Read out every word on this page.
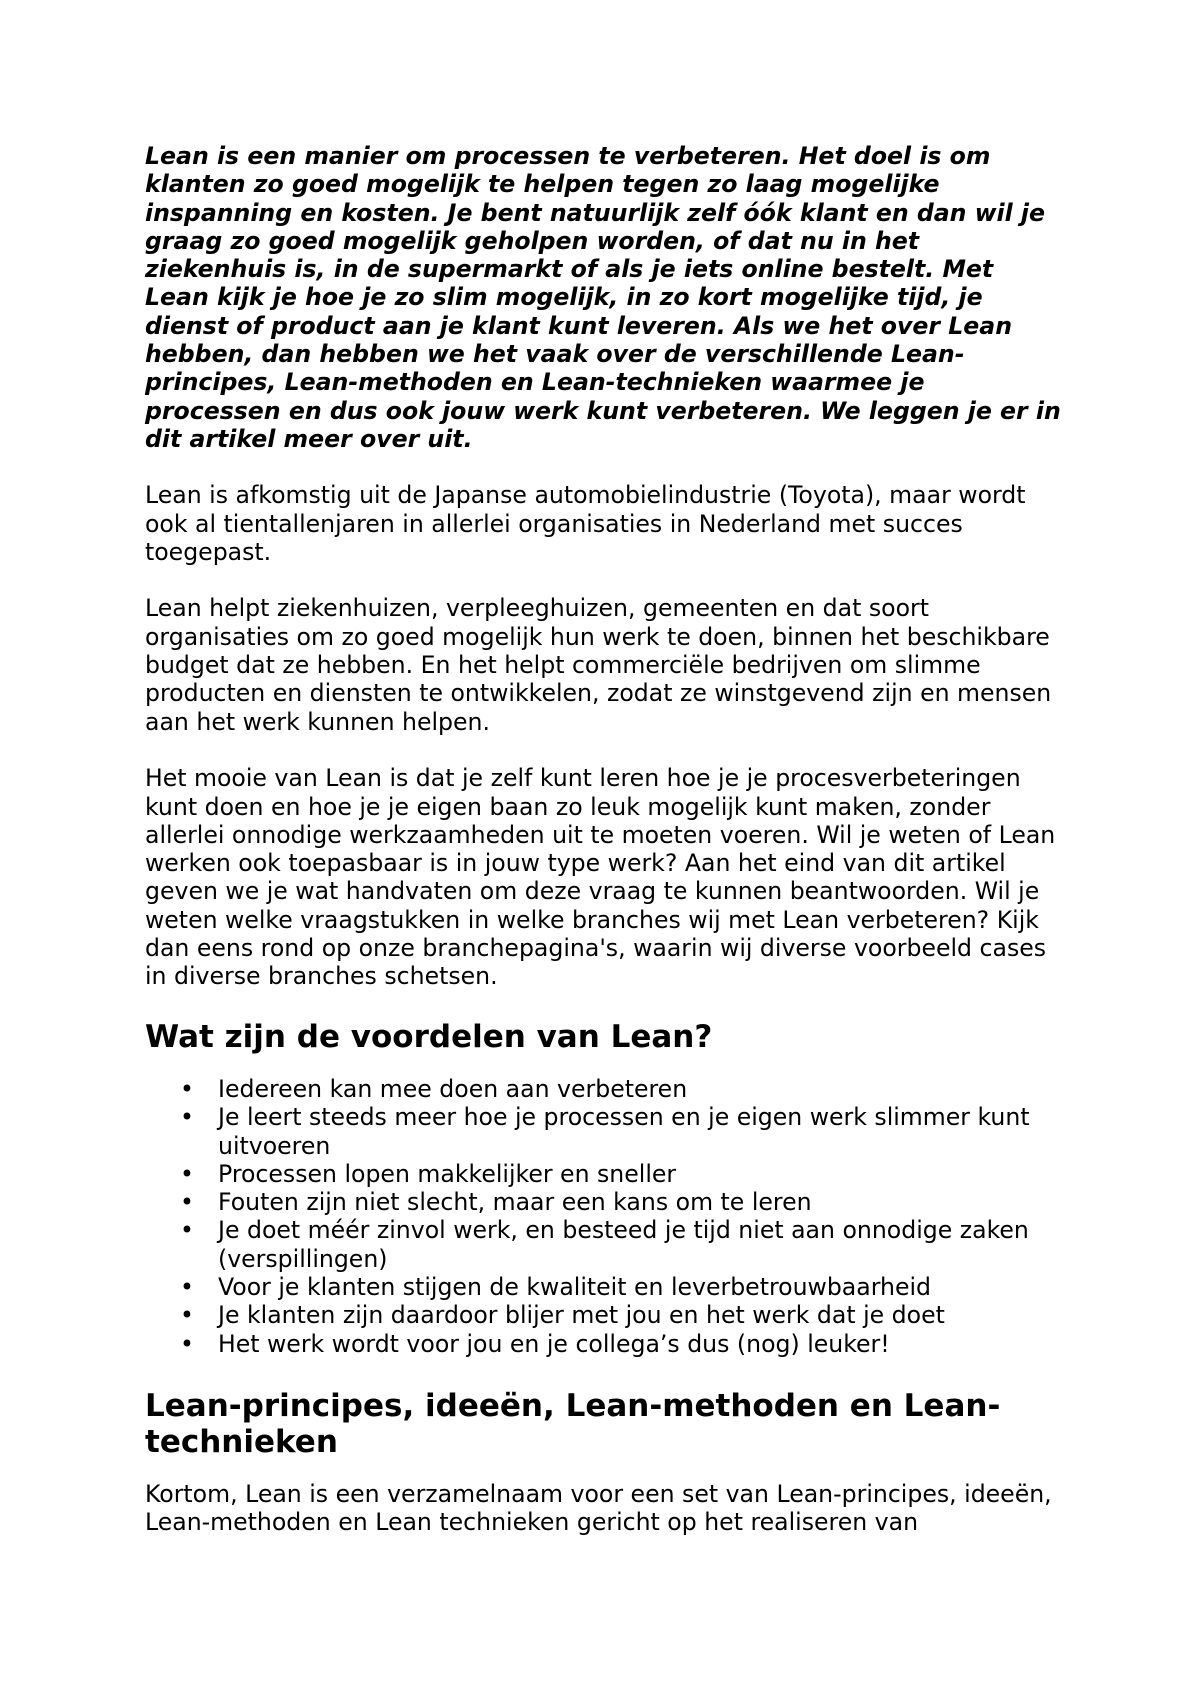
Lean is een manier om processen te verbeteren. Het doel is om klanten zo goed mogelijk te helpen tegen zo laag mogelijke inspanning en kosten. Je bent natuurlijk zelf óók klant en dan wil je graag zo goed mogelijk geholpen worden, of dat nu in het ziekenhuis is, in de supermarkt of als je iets online bestelt. Met Lean kijk je hoe je zo slim mogelijk, in zo kort mogelijke tijd, je dienst of product aan je klant kunt leveren. Als we het over Lean hebben, dan hebben we het vaak over de verschillende Lean-principes, Lean-methoden en Lean-technieken waarmee je processen en dus ook jouw werk kunt verbeteren. We leggen je er in dit artikel meer over uit.

Lean is afkomstig uit de Japanse automobielindustrie (Toyota), maar wordt ook al tientallenjaren in allerlei organisaties in Nederland met succes toegepast.

Lean helpt ziekenhuizen, verpleeghuizen, gemeenten en dat soort organisaties om zo goed mogelijk hun werk te doen, binnen het beschikbare budget dat ze hebben. En het helpt commerciële bedrijven om slimme producten en diensten te ontwikkelen, zodat ze winstgevend zijn en mensen aan het werk kunnen helpen.

Het mooie van Lean is dat je zelf kunt leren hoe je je procesverbeteringen kunt doen en hoe je je eigen baan zo leuk mogelijk kunt maken, zonder allerlei onnodige werkzaamheden uit te moeten voeren. Wil je weten of Lean werken ook toepasbaar is in jouw type werk? Aan het eind van dit artikel geven we je wat handvaten om deze vraag te kunnen beantwoorden. Wil je weten welke vraagstukken in welke branches wij met Lean verbeteren? Kijk dan eens rond op onze branchepagina's, waarin wij diverse voorbeeld cases in diverse branches schetsen.

Wat zijn de voordelen van Lean?
• Iedereen kan mee doen aan verbeteren
• Je leert steeds meer hoe je processen en je eigen werk slimmer kunt uitvoeren
• Processen lopen makkelijker en sneller
• Fouten zijn niet slecht, maar een kans om te leren
• Je doet méér zinvol werk, en besteed je tijd niet aan onnodige zaken (verspillingen)
• Voor je klanten stijgen de kwaliteit en leverbetrouwbaarheid
• Je klanten zijn daardoor blijer met jou en het werk dat je doet
• Het werk wordt voor jou en je collega’s dus (nog) leuker!
Lean-principes, ideeën, Lean-methoden en Lean-technieken

Kortom, Lean is een verzamelnaam voor een set van Lean-principes, ideeën, Lean-methoden en Lean technieken gericht op het realiseren van
